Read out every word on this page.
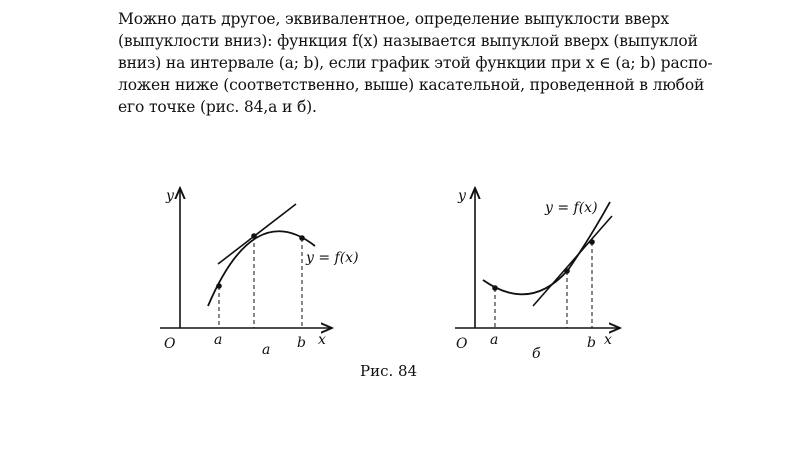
Можно дать другое, эквивалентное, определение выпуклости вверх
(выпуклости вниз): функция f(x) называется выпуклой вверх (выпуклой
вниз) на интервале (a; b), если график этой функции при x ∈ (a; b) распо-
ложен ниже (соответственно, выше) касательной, проведенной в любой
его точке (рис. 84,а и б).
y
O	a	b x
y = f(x)
а
y
O a	b x
y = f(x)
б
Рис. 84
